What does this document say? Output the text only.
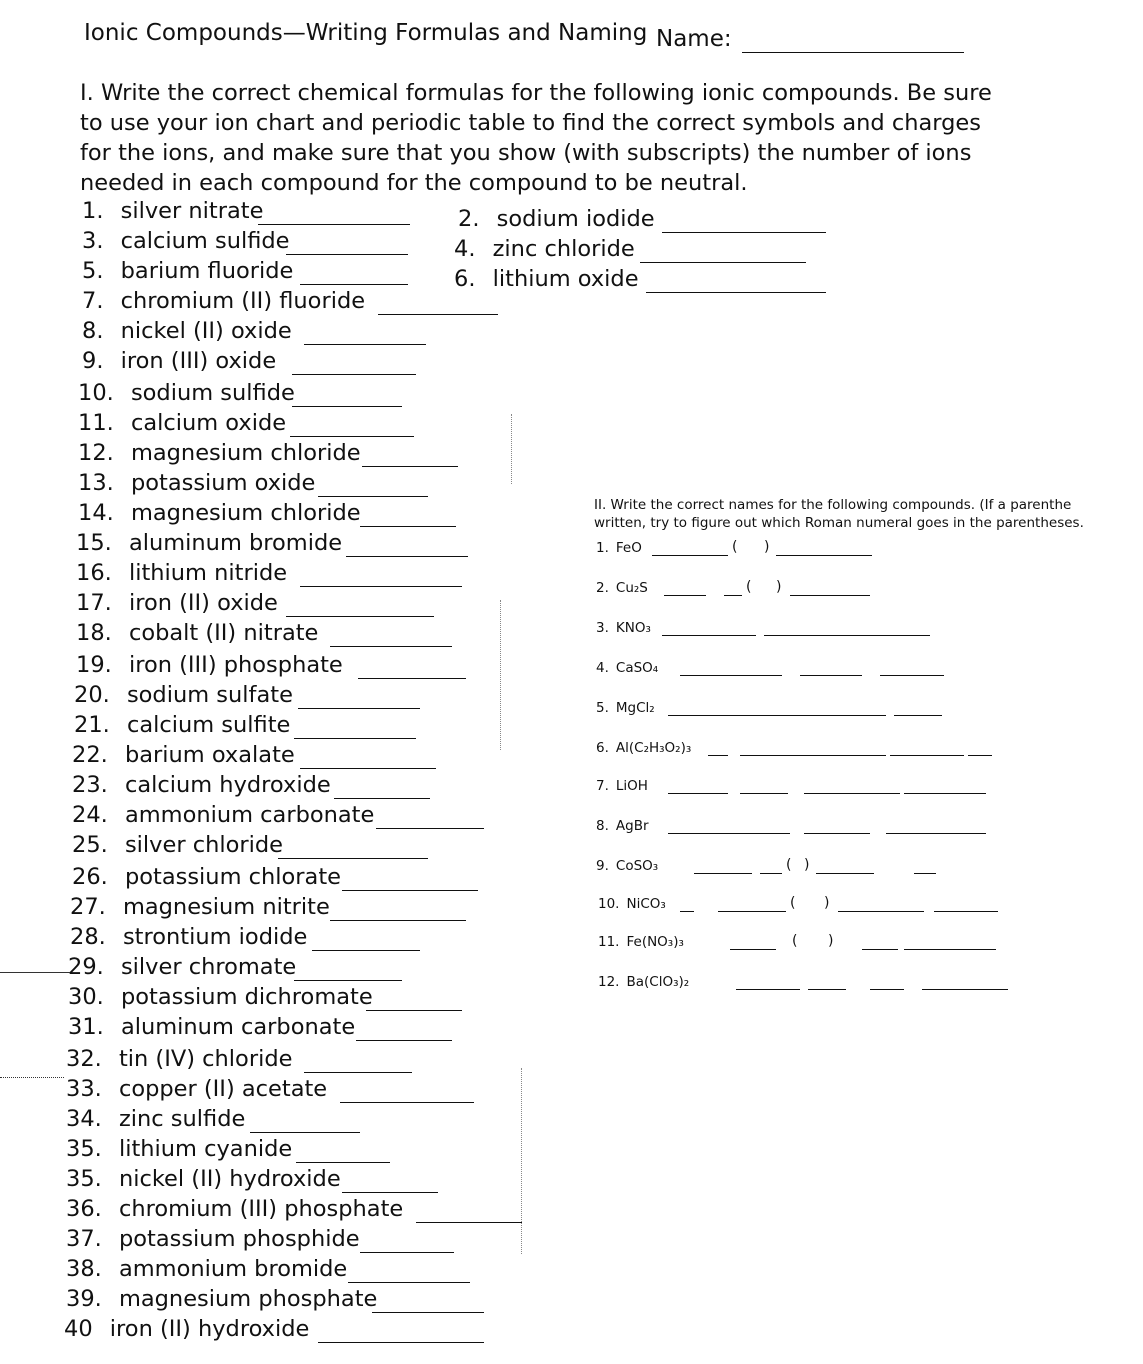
Ionic Compounds—Writing Formulas and Naming Name:
I. Write the correct chemical formulas for the following ionic compounds. Be sure to use your ion chart and periodic table to find the correct symbols and charges for the ions, and make sure that you show (with subscripts) the number of ions needed in each compound for the compound to be neutral.
1. silver nitrate	2. sodium iodide
3. calcium sulfide	4. zinc chloride
5. barium fluoride	6. lithium oxide
7. chromium (II) fluoride
8. nickel (II) oxide
9. iron (III) oxide
10. sodium sulfide
11. calcium oxide
12. magnesium chloride
13. potassium oxide
14. magnesium chloride
15. aluminum bromide
16. lithium nitride
17. iron (II) oxide
18. cobalt (II) nitrate
19. iron (III) phosphate
20. sodium sulfate
21. calcium sulfite
22. barium oxalate
23. calcium hydroxide
24. ammonium carbonate
25. silver chloride
26. potassium chlorate
27. magnesium nitrite
28. strontium iodide
29. silver chromate
30. potassium dichromate
31. aluminum carbonate
32. tin (IV) chloride
33. copper (II) acetate
34. zinc sulfide
35. lithium cyanide
35. nickel (II) hydroxide
36. chromium (III) phosphate
37. potassium phosphide
38. ammonium bromide
39. magnesium phosphate
40 iron (II) hydroxide
II. Write the correct names for the following compounds. (If a parenthe
written, try to figure out which Roman numeral goes in the parentheses.
1. FeO	( )
2. Cu₂S	( )
3. KNO₃
4. CaSO₄
5. MgCl₂
6. Al(C₂H₃O₂)₃
7. LiOH
8. AgBr
9. CoSO₃	( )
10. NiCO₃	( )
11. Fe(NO₃)₃	( )
12. Ba(ClO₃)₂
